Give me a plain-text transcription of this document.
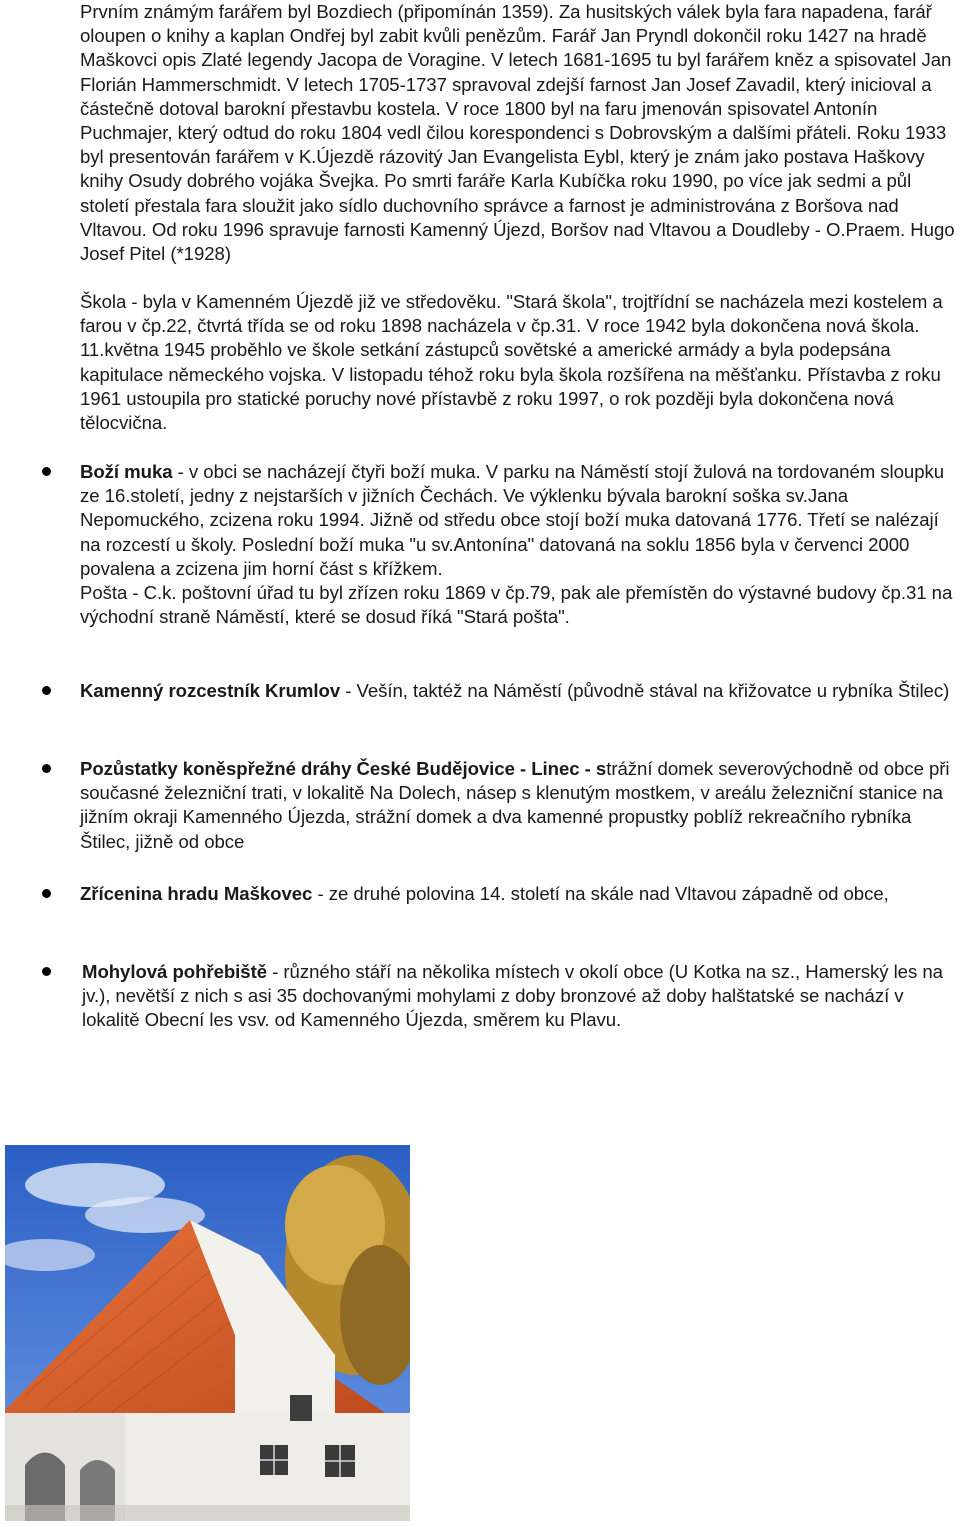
Prvním známým farářem byl Bozdiech (připomínán 1359). Za husitských válek byla fara napadena, farář oloupen o knihy a kaplan Ondřej byl zabit kvůli penězům. Farář Jan Pryndl dokončil roku 1427 na hradě Maškovci opis Zlaté legendy Jacopa de Voragine. V letech 1681-1695 tu byl farářem kněz a spisovatel Jan Florián Hammerschmidt. V letech 1705-1737 spravoval zdejší farnost Jan Josef Zavadil, který inicioval a částečně dotoval barokní přestavbu kostela. V roce 1800 byl na faru jmenován spisovatel Antonín Puchmajer, který odtud do roku 1804 vedl čilou korespondenci s Dobrovským a dalšími přáteli. Roku 1933 byl presentován farářem v K.Újezdě rázovitý Jan Evangelista Eybl, který je znám jako postava Haškovy knihy Osudy dobrého vojáka Švejka. Po smrti faráře Karla Kubíčka roku 1990, po více jak sedmi a půl století přestala fara sloužit jako sídlo duchovního správce a farnost je administrována z Boršova nad Vltavou. Od roku 1996 spravuje farnosti Kamenný Újezd, Boršov nad Vltavou a Doudleby - O.Praem. Hugo Josef Pitel (*1928)

Škola - byla v Kamenném Újezdě již ve středověku. "Stará škola", trojtřídní se nacházela mezi kostelem a farou v čp.22, čtvrtá třída se od roku 1898 nacházela v čp.31. V roce 1942 byla dokončena nová škola. 11.května 1945 proběhlo ve škole setkání zástupců sovětské a americké armády a byla podepsána kapitulace německého vojska. V listopadu téhož roku byla škola rozšířena na měšťanku. Přístavba z roku 1961 ustoupila pro statické poruchy nové přístavbě z roku 1997, o rok později byla dokončena nová tělocvična.

Boží muka - v obci se nacházejí čtyři boží muka. V parku na Náměstí stojí žulová na tordovaném sloupku ze 16.století, jedny z nejstarších v jižních Čechách. Ve výklenku bývala barokní soška sv.Jana Nepomuckého, zcizena roku 1994. Jižně od středu obce stojí boží muka datovaná 1776. Třetí se nalézají na rozcestí u školy. Poslední boží muka "u sv.Antonína" datovaná na soklu 1856 byla v červenci 2000 povalena a zcizena jim horní část s křížkem.
Pošta - C.k. poštovní úřad tu byl zřízen roku 1869 v čp.79, pak ale přemístěn do výstavné budovy čp.31 na východní straně Náměstí, které se dosud říká "Stará pošta".

Kamenný rozcestník Krumlov - Vešín, taktéž na Náměstí (původně stával na křižovatce u rybníka Štilec)

Pozůstatky koněspřežné dráhy České Budějovice - Linec - strážní domek severovýchodně od obce při současné železniční trati, v lokalitě Na Dolech, násep s klenutým mostkem, v areálu železniční stanice na jižním okraji Kamenného Újezda, strážní domek a dva kamenné propustky poblíž rekreačního rybníka Štilec, jižně od obce

Zřícenina hradu Maškovec - ze druhé polovina 14. století na skále nad Vltavou západně od obce,

Mohylová pohřebiště - různého stáří na několika místech v okolí obce (U Kotka na sz., Hamerský les na jv.), nevětší z nich s asi 35 dochovanými mohylami z doby bronzové až doby halštatské se nachází v lokalitě Obecní les vsv. od Kamenného Újezda, směrem ku Plavu.
